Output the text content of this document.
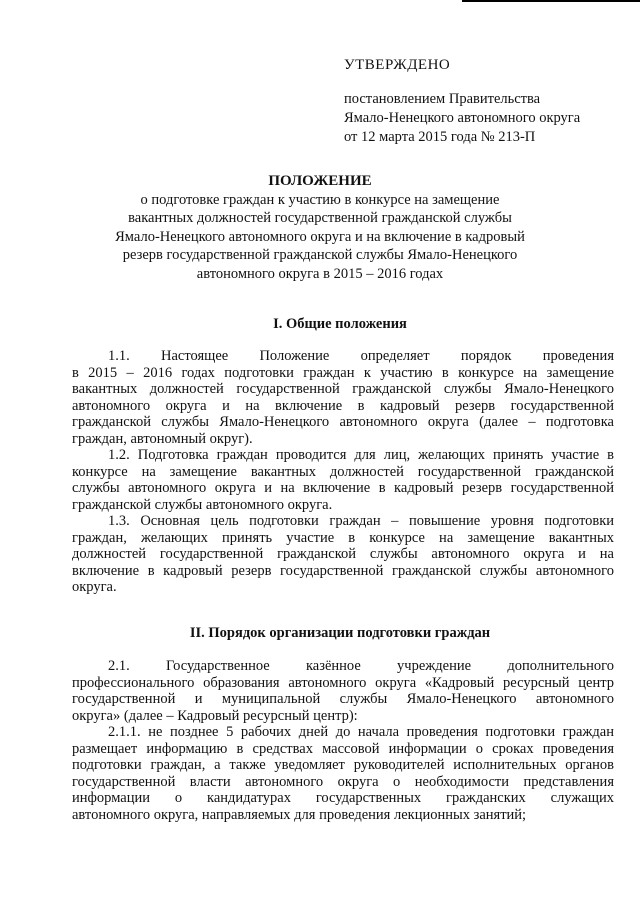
УТВЕРЖДЕНО
постановлением Правительства
Ямало-Ненецкого автономного округа
от 12 марта 2015 года № 213-П
ПОЛОЖЕНИЕ
о подготовке граждан к участию в конкурсе на замещение
вакантных должностей государственной гражданской службы
Ямало-Ненецкого автономного округа и на включение в кадровый
резерв государственной гражданской службы Ямало-Ненецкого
автономного округа в 2015 – 2016 годах
I. Общие положения

1.1. Настоящее Положение определяет порядок проведения
в 2015 – 2016 годах подготовки граждан к участию в конкурсе на замещение
вакантных должностей государственной гражданской службы Ямало-Ненецкого
автономного округа и на включение в кадровый резерв государственной
гражданской службы Ямало-Ненецкого автономного округа (далее – подготовка
граждан, автономный округ).

1.2. Подготовка граждан проводится для лиц, желающих принять участие в
конкурсе на замещение вакантных должностей государственной гражданской
службы автономного округа и на включение в кадровый резерв государственной
гражданской службы автономного округа.

1.3. Основная цель подготовки граждан – повышение уровня подготовки
граждан, желающих принять участие в конкурсе на замещение вакантных
должностей государственной гражданской службы автономного округа и на
включение в кадровый резерв государственной гражданской службы автономного
округа.

II. Порядок организации подготовки граждан

2.1. Государственное казённое учреждение дополнительного
профессионального образования автономного округа «Кадровый ресурсный центр
государственной и муниципальной службы Ямало-Ненецкого автономного
округа» (далее – Кадровый ресурсный центр):

2.1.1. не позднее 5 рабочих дней до начала проведения подготовки граждан
размещает информацию в средствах массовой информации о сроках проведения
подготовки граждан, а также уведомляет руководителей исполнительных органов
государственной власти автономного округа о необходимости представления
информации о кандидатурах государственных гражданских служащих
автономного округа, направляемых для проведения лекционных занятий;
